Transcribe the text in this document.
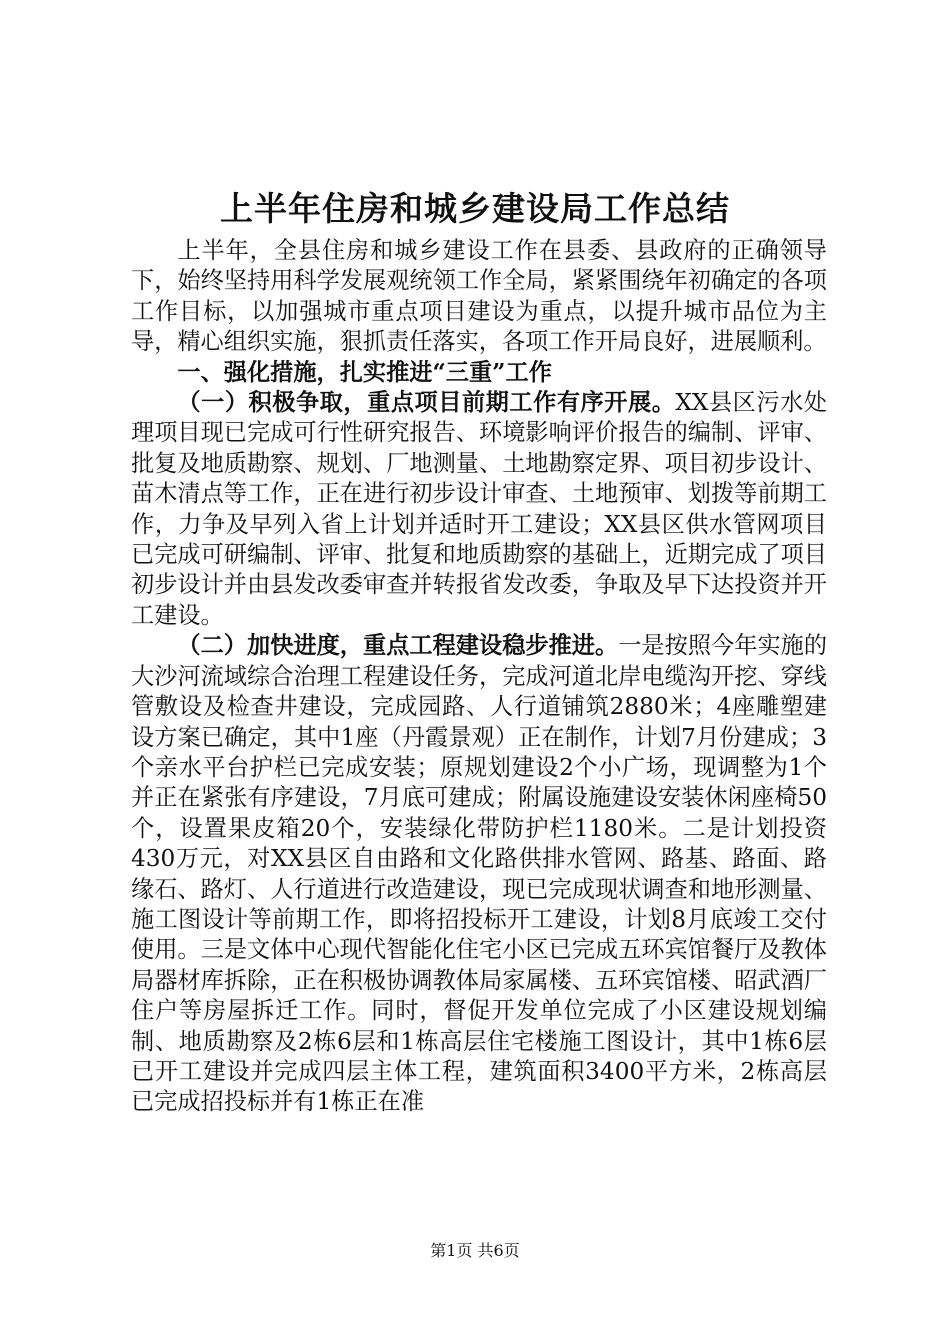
上半年住房和城乡建设局工作总结

上半年，全县住房和城乡建设工作在县委、县政府的正确领导下，始终坚持用科学发展观统领工作全局，紧紧围绕年初确定的各项工作目标，以加强城市重点项目建设为重点，以提升城市品位为主导，精心组织实施，狠抓责任落实，各项工作开局良好，进展顺利。

一、强化措施，扎实推进“三重”工作

（一）积极争取，重点项目前期工作有序开展。XX县区污水处理项目现已完成可行性研究报告、环境影响评价报告的编制、评审、批复及地质勘察、规划、厂地测量、土地勘察定界、项目初步设计、苗木清点等工作，正在进行初步设计审查、土地预审、划拨等前期工作，力争及早列入省上计划并适时开工建设；XX县区供水管网项目已完成可研编制、评审、批复和地质勘察的基础上，近期完成了项目初步设计并由县发改委审查并转报省发改委，争取及早下达投资并开工建设。

（二）加快进度，重点工程建设稳步推进。一是按照今年实施的大沙河流域综合治理工程建设任务，完成河道北岸电缆沟开挖、穿线管敷设及检查井建设，完成园路、人行道铺筑2880米；4座雕塑建设方案已确定，其中1座（丹霞景观）正在制作，计划7月份建成；3个亲水平台护栏已完成安装；原规划建设2个小广场，现调整为1个并正在紧张有序建设，7月底可建成；附属设施建设安装休闲座椅50个，设置果皮箱20个，安装绿化带防护栏1180米。二是计划投资430万元，对XX县区自由路和文化路供排水管网、路基、路面、路缘石、路灯、人行道进行改造建设，现已完成现状调查和地形测量、施工图设计等前期工作，即将招投标开工建设，计划8月底竣工交付使用。三是文体中心现代智能化住宅小区已完成五环宾馆餐厅及教体局器材库拆除，正在积极协调教体局家属楼、五环宾馆楼、昭武酒厂住户等房屋拆迁工作。同时，督促开发单位完成了小区建设规划编制、地质勘察及2栋6层和1栋高层住宅楼施工图设计，其中1栋6层已开工建设并完成四层主体工程，建筑面积3400平方米，2栋高层已完成招投标并有1栋正在准

第1页 共6页
